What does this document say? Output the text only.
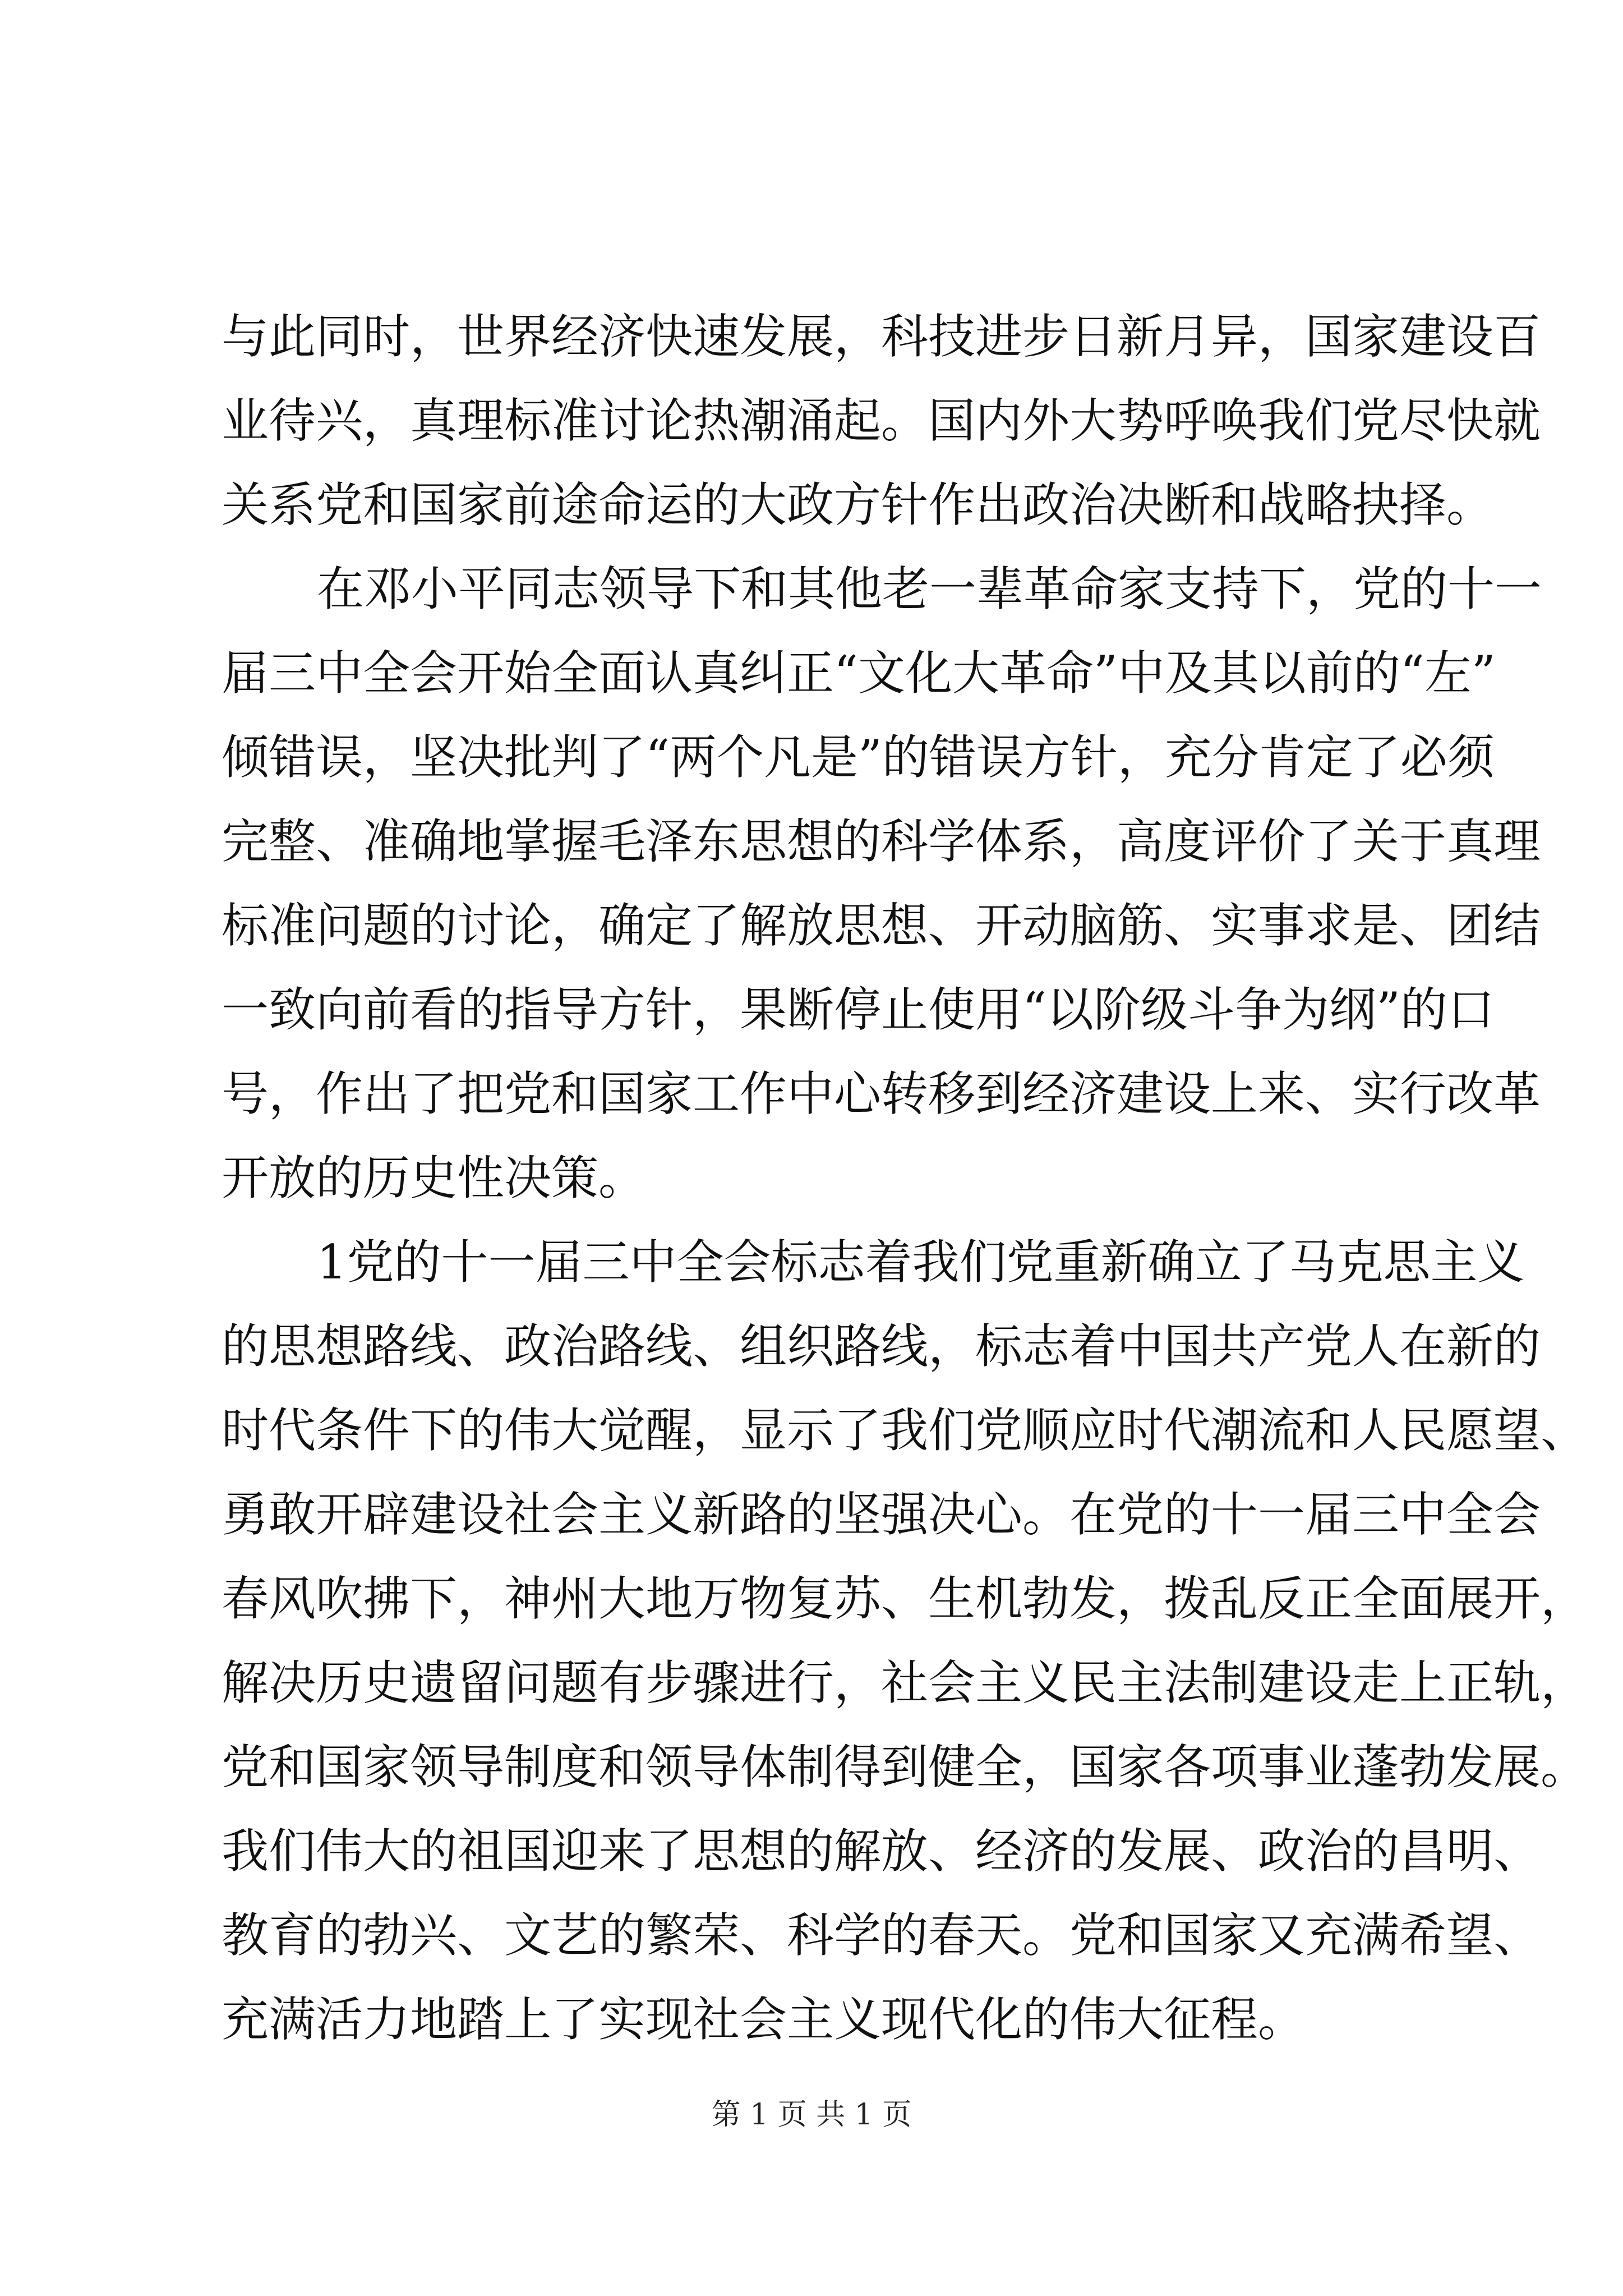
与此同时，世界经济快速发展，科技进步日新月异，国家建设百
业待兴，真理标准讨论热潮涌起。国内外大势呼唤我们党尽快就
关系党和国家前途命运的大政方针作出政治决断和战略抉择。
在邓小平同志领导下和其他老一辈革命家支持下，党的十一
届三中全会开始全面认真纠正“文化大革命”中及其以前的“左”
倾错误，坚决批判了“两个凡是”的错误方针，充分肯定了必须
完整、准确地掌握毛泽东思想的科学体系，高度评价了关于真理
标准问题的讨论，确定了解放思想、开动脑筋、实事求是、团结
一致向前看的指导方针，果断停止使用“以阶级斗争为纲”的口
号，作出了把党和国家工作中心转移到经济建设上来、实行改革
开放的历史性决策。
1党的十一届三中全会标志着我们党重新确立了马克思主义
的思想路线、政治路线、组织路线，标志着中国共产党人在新的
时代条件下的伟大觉醒，显示了我们党顺应时代潮流和人民愿望、
勇敢开辟建设社会主义新路的坚强决心。在党的十一届三中全会
春风吹拂下，神州大地万物复苏、生机勃发，拨乱反正全面展开，
解决历史遗留问题有步骤进行，社会主义民主法制建设走上正轨，
党和国家领导制度和领导体制得到健全，国家各项事业蓬勃发展。
我们伟大的祖国迎来了思想的解放、经济的发展、政治的昌明、
教育的勃兴、文艺的繁荣、科学的春天。党和国家又充满希望、
充满活力地踏上了实现社会主义现代化的伟大征程。
第 1 页 共 1 页
